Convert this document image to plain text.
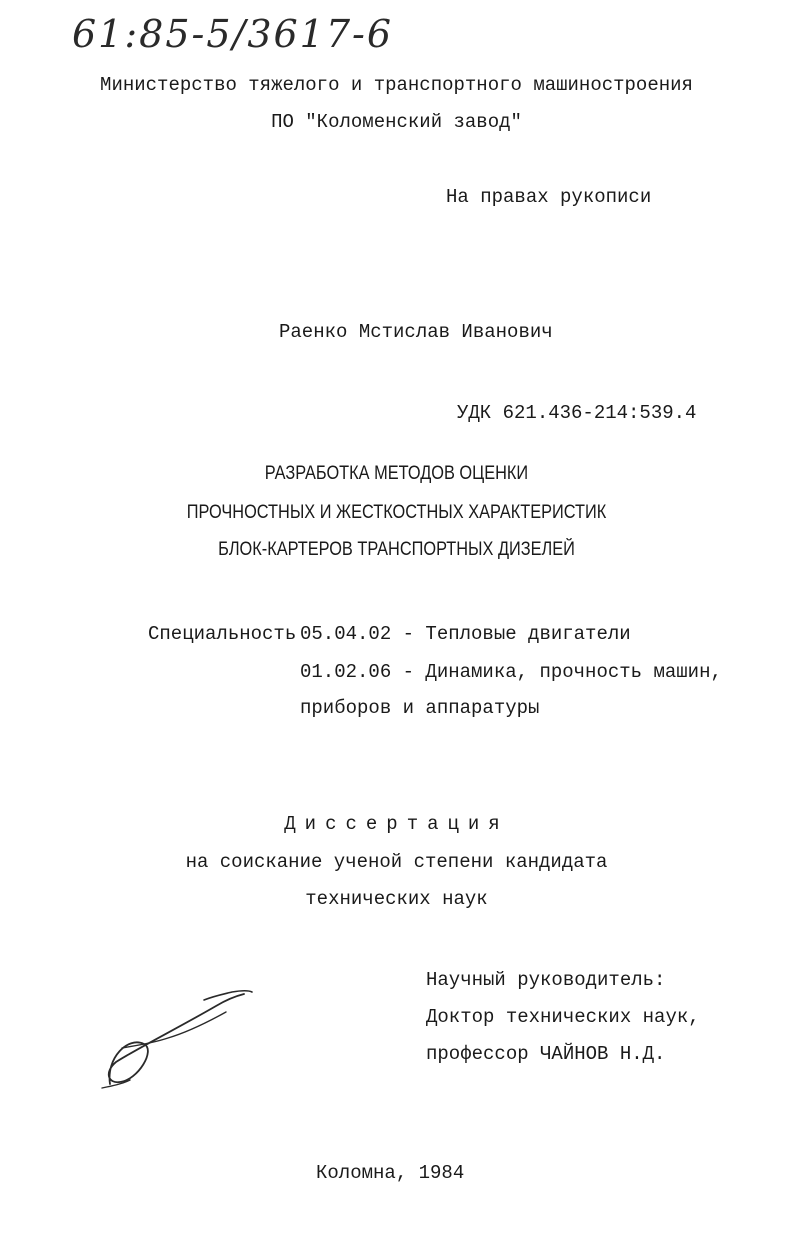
61:85-5/3617-6
Министерство тяжелого и транспортного машиностроения
ПО "Коломенский завод"
На правах рукописи
Раенко Мстислав Иванович
УДК 621.436-214:539.4
РАЗРАБОТКА МЕТОДОВ ОЦЕНКИ
ПРОЧНОСТНЫХ И ЖЕСТКОСТНЫХ ХАРАКТЕРИСТИК
БЛОК-КАРТЕРОВ ТРАНСПОРТНЫХ ДИЗЕЛЕЙ
Специальность 05.04.02 - Тепловые двигатели
01.02.06 - Динамика, прочность машин,
приборов и аппаратуры
Диссертация
на соискание ученой степени кандидата
технических наук
Научный руководитель:
Доктор технических наук,
профессор ЧАЙНОВ Н.Д.
Коломна, 1984
